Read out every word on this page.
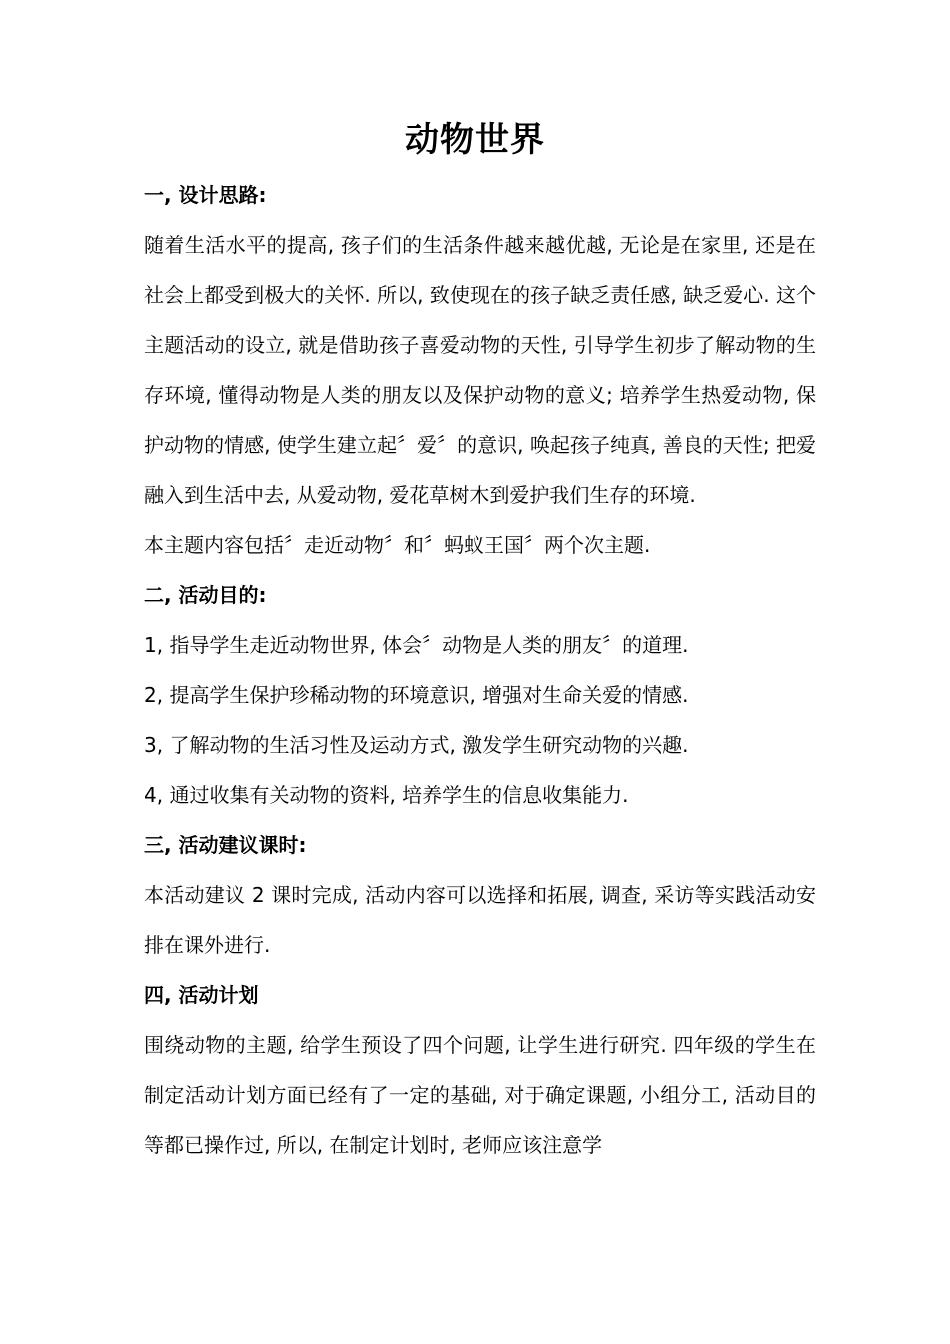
动物世界
一, 设计思路:

随着生活水平的提高, 孩子们的生活条件越来越优越, 无论是在家里, 还是在社会上都受到极大的关怀. 所以, 致使现在的孩子缺乏责任感, 缺乏爱心. 这个主题活动的设立, 就是借助孩子喜爱动物的天性, 引导学生初步了解动物的生存环境, 懂得动物是人类的朋友以及保护动物的意义; 培养学生热爱动物, 保护动物的情感, 使学生建立起〞爱〞的意识, 唤起孩子纯真, 善良的天性; 把爱融入到生活中去, 从爱动物, 爱花草树木到爱护我们生存的环境.

本主题内容包括〞走近动物〞和〞蚂蚁王国〞两个次主题.

二, 活动目的:
1, 指导学生走近动物世界, 体会〞动物是人类的朋友〞的道理.
2, 提高学生保护珍稀动物的环境意识, 增强对生命关爱的情感.
3, 了解动物的生活习性及运动方式, 激发学生研究动物的兴趣.
4, 通过收集有关动物的资料, 培养学生的信息收集能力.
三, 活动建议课时:

本活动建议 2 课时完成, 活动内容可以选择和拓展, 调查, 采访等实践活动安排在课外进行.

四, 活动计划

围绕动物的主题, 给学生预设了四个问题, 让学生进行研究. 四年级的学生在制定活动计划方面已经有了一定的基础, 对于确定课题, 小组分工, 活动目的等都已操作过, 所以, 在制定计划时, 老师应该注意学
